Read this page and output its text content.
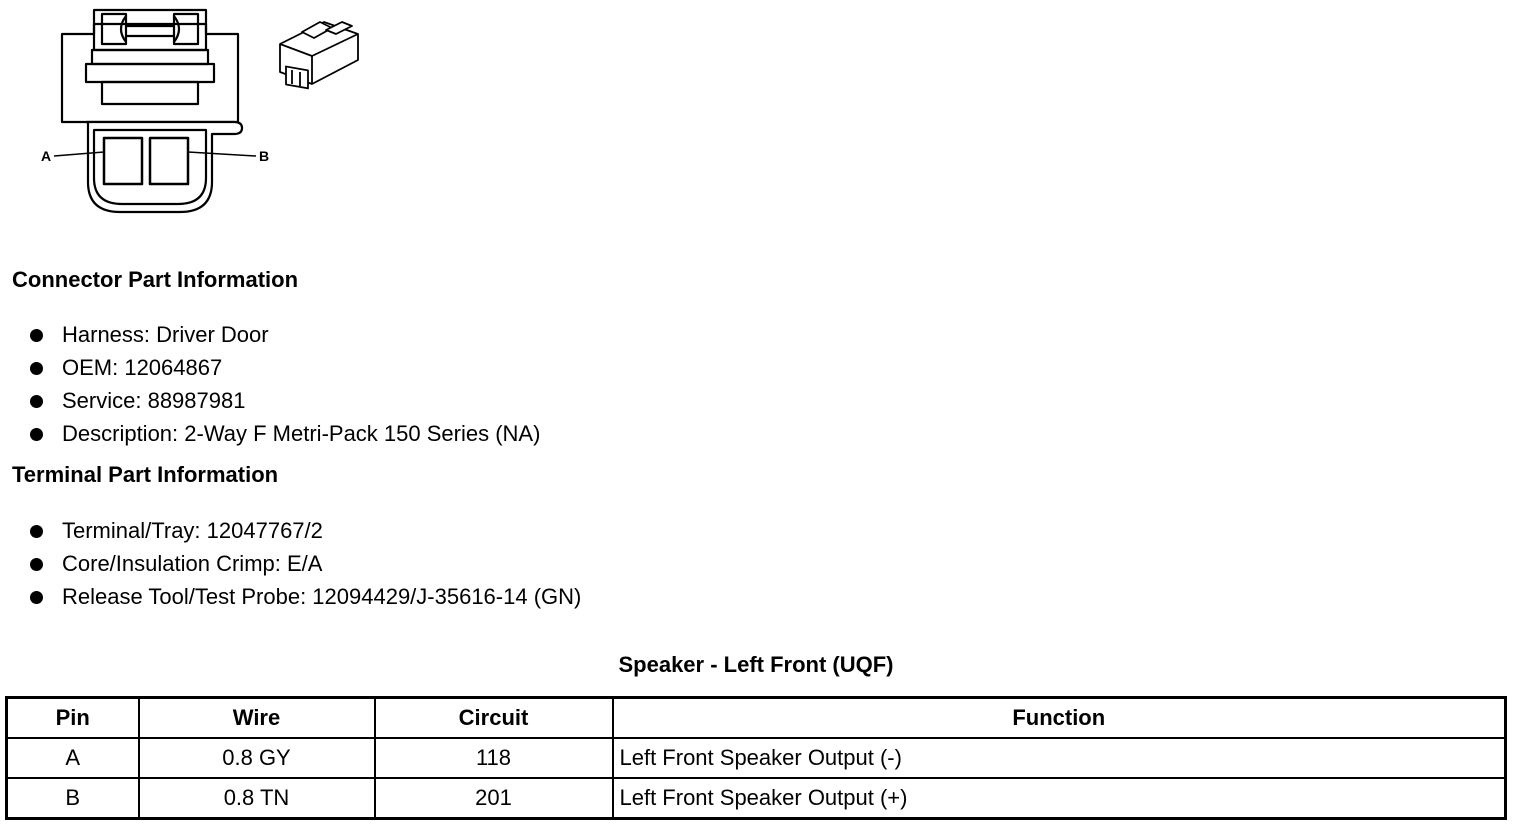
A	B
Connector Part Information
Harness: Driver Door
OEM: 12064867
Service: 88987981
Description: 2-Way F Metri-Pack 150 Series (NA)
Terminal Part Information
Terminal/Tray: 12047767/2
Core/Insulation Crimp: E/A
Release Tool/Test Probe: 12094429/J-35616-14 (GN)
Speaker - Left Front (UQF)
Pin	Wire	Circuit	Function
A	0.8 GY	118	Left Front Speaker Output (-)
B	0.8 TN	201	Left Front Speaker Output (+)
